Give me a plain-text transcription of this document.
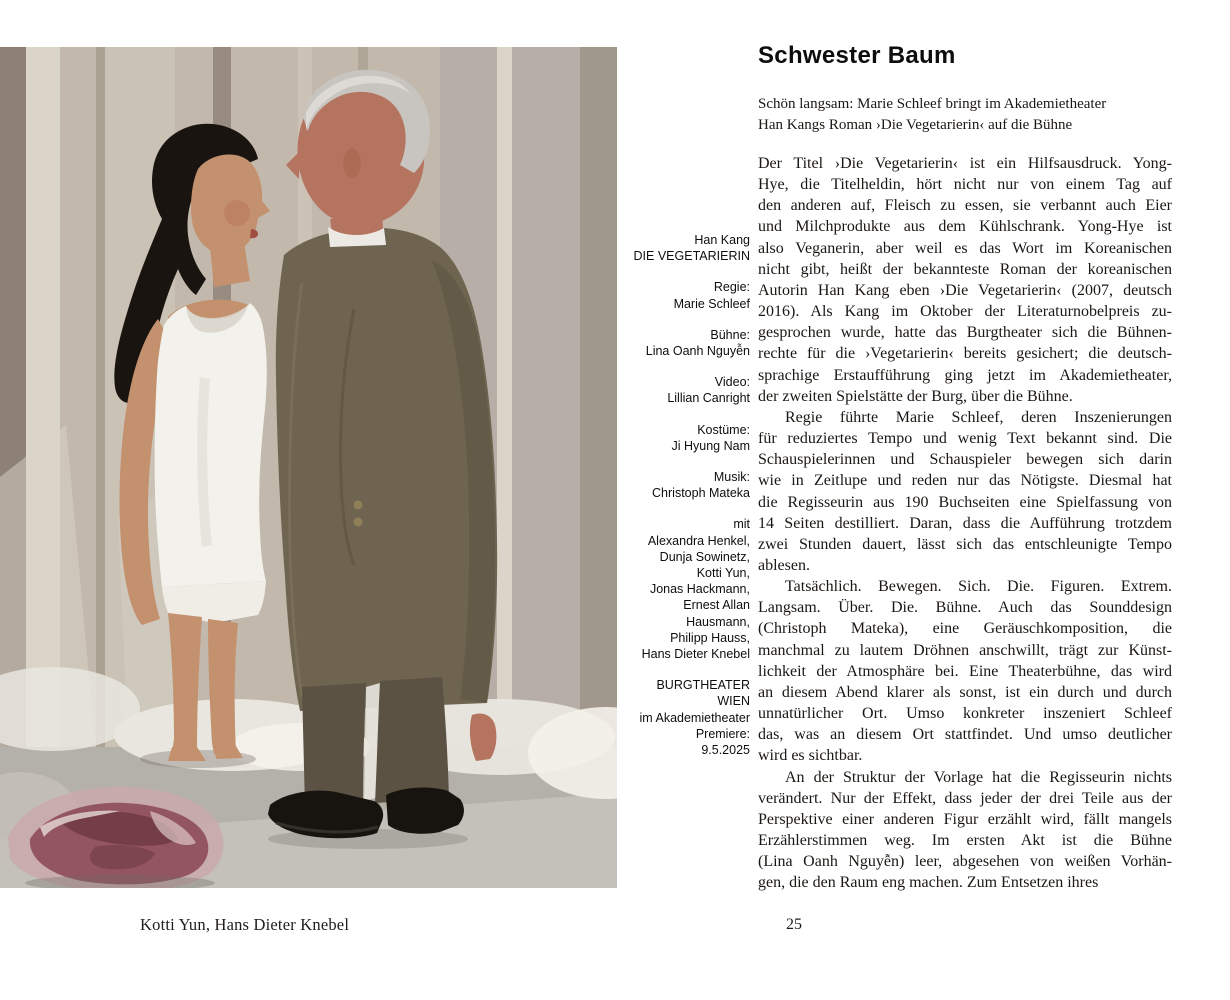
Kotti Yun, Hans Dieter Knebel
Han Kang
DIE VEGETARIERIN
Regie:
Marie Schleef
Bühne:
Lina Oanh Nguyễn
Video:
Lillian Canright
Kostüme:
Ji Hyung Nam
Musik:
Christoph Mateka
mit
Alexandra Henkel,
Dunja Sowinetz,
Kotti Yun,
Jonas Hackmann,
Ernest Allan
Hausmann,
Philipp Hauss,
Hans Dieter Knebel
BURGTHEATER
WIEN
im Akademietheater
Premiere:
9.5.2025
Schwester Baum
Schön langsam: Marie Schleef bringt im Akademietheater
Han Kangs Roman ›Die Vegetarierin‹ auf die Bühne
Der Titel ›Die Vegetarierin‹ ist ein Hilfsausdruck. Yong-
Hye, die Titelheldin, hört nicht nur von einem Tag auf
den anderen auf, Fleisch zu essen, sie verbannt auch Eier
und Milchprodukte aus dem Kühlschrank. Yong-Hye ist
also Veganerin, aber weil es das Wort im Koreanischen
nicht gibt, heißt der bekannteste Roman der koreanischen
Autorin Han Kang eben ›Die Vegetarierin‹ (2007, deutsch
2016). Als Kang im Oktober der Literaturnobelpreis zu-
gesprochen wurde, hatte das Burgtheater sich die Bühnen-
rechte für die ›Vegetarierin‹ bereits gesichert; die deutsch-
sprachige Erstaufführung ging jetzt im Akademietheater,
der zweiten Spielstätte der Burg, über die Bühne.
Regie führte Marie Schleef, deren Inszenierungen
für reduziertes Tempo und wenig Text bekannt sind. Die
Schauspielerinnen und Schauspieler bewegen sich darin
wie in Zeitlupe und reden nur das Nötigste. Diesmal hat
die Regisseurin aus 190 Buchseiten eine Spielfassung von
14 Seiten destilliert. Daran, dass die Aufführung trotzdem
zwei Stunden dauert, lässt sich das entschleunigte Tempo
ablesen.
Tatsächlich. Bewegen. Sich. Die. Figuren. Extrem.
Langsam. Über. Die. Bühne. Auch das Sounddesign
(Christoph Mateka), eine Geräuschkomposition, die
manchmal zu lautem Dröhnen anschwillt, trägt zur Künst-
lichkeit der Atmosphäre bei. Eine Theaterbühne, das wird
an diesem Abend klarer als sonst, ist ein durch und durch
unnatürlicher Ort. Umso konkreter inszeniert Schleef
das, was an diesem Ort stattfindet. Und umso deutlicher
wird es sichtbar.
An der Struktur der Vorlage hat die Regisseurin nichts
verändert. Nur der Effekt, dass jeder der drei Teile aus der
Perspektive einer anderen Figur erzählt wird, fällt mangels
Erzählerstimmen weg. Im ersten Akt ist die Bühne
(Lina Oanh Nguyễn) leer, abgesehen von weißen Vorhän-
gen, die den Raum eng machen. Zum Entsetzen ihres
25
